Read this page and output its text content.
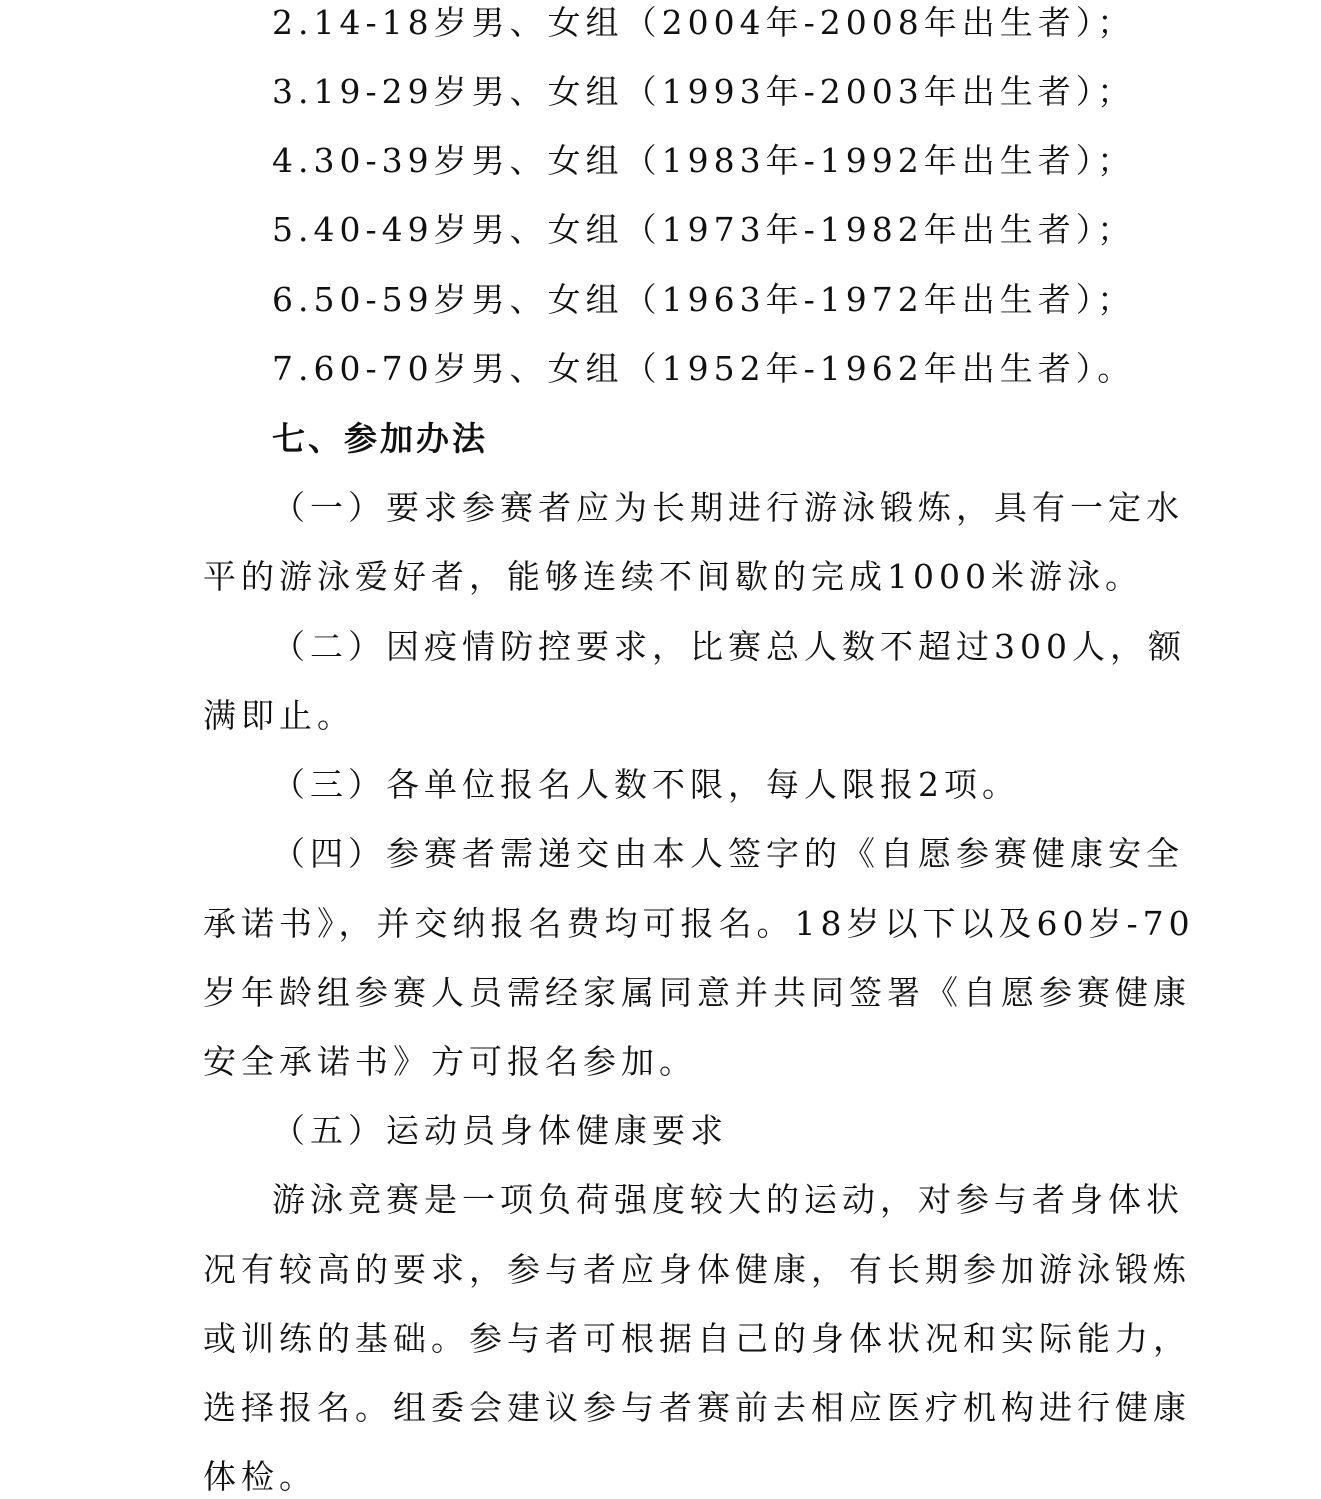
2.14-18岁男、女组（2004年-2008年出生者）；
3.19-29岁男、女组（1993年-2003年出生者）；
4.30-39岁男、女组（1983年-1992年出生者）；
5.40-49岁男、女组（1973年-1982年出生者）；
6.50-59岁男、女组（1963年-1972年出生者）；
7.60-70岁男、女组（1952年-1962年出生者）。
七、参加办法
（一）要求参赛者应为长期进行游泳锻炼，具有一定水
平的游泳爱好者，能够连续不间歇的完成1000米游泳。
（二）因疫情防控要求，比赛总人数不超过300人，额
满即止。
（三）各单位报名人数不限，每人限报2项。
（四）参赛者需递交由本人签字的《自愿参赛健康安全
承诺书》，并交纳报名费均可报名。18岁以下以及60岁-70
岁年龄组参赛人员需经家属同意并共同签署《自愿参赛健康
安全承诺书》方可报名参加。
（五）运动员身体健康要求
游泳竞赛是一项负荷强度较大的运动，对参与者身体状
况有较高的要求，参与者应身体健康，有长期参加游泳锻炼
或训练的基础。参与者可根据自己的身体状况和实际能力，
选择报名。组委会建议参与者赛前去相应医疗机构进行健康
体检。
